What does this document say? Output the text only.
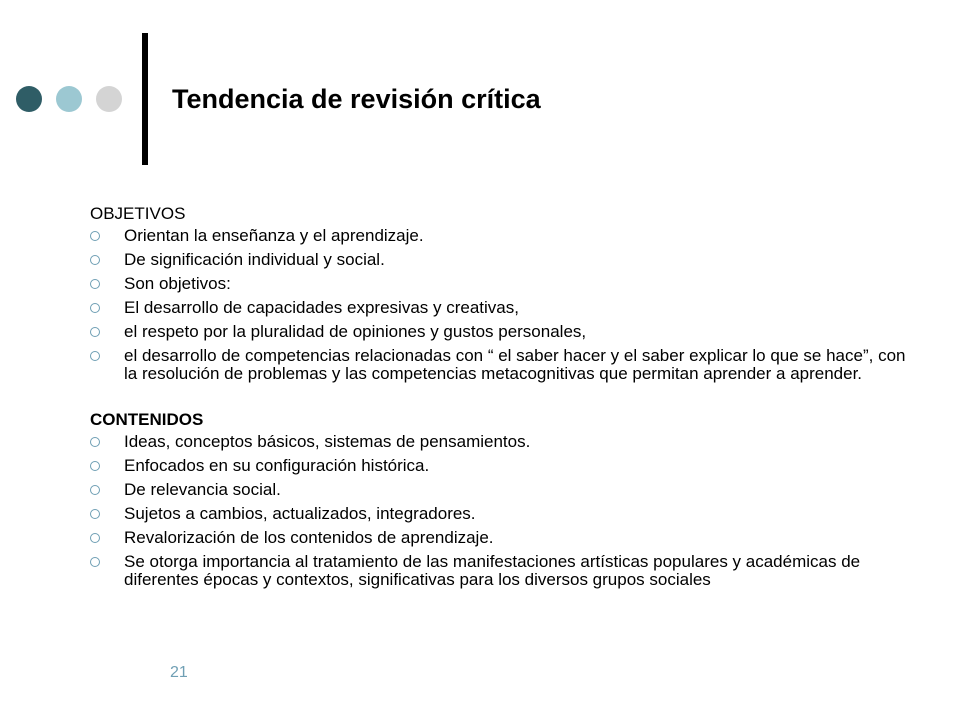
Tendencia de revisión crítica
OBJETIVOS
Orientan la enseñanza y el aprendizaje.
De significación individual y social.
Son objetivos:
El desarrollo de capacidades expresivas y creativas,
el respeto por la pluralidad de opiniones y gustos personales,
el desarrollo de competencias relacionadas con “ el saber hacer y el saber explicar lo que se hace”, con la resolución de problemas y las competencias metacognitivas que permitan aprender a aprender.
CONTENIDOS
Ideas, conceptos básicos, sistemas de pensamientos.
Enfocados en su configuración histórica.
De relevancia social.
Sujetos a cambios, actualizados, integradores.
Revalorización de los contenidos de aprendizaje.
Se otorga importancia al tratamiento de las manifestaciones artísticas populares y académicas de diferentes épocas y contextos, significativas para los diversos grupos sociales
21
